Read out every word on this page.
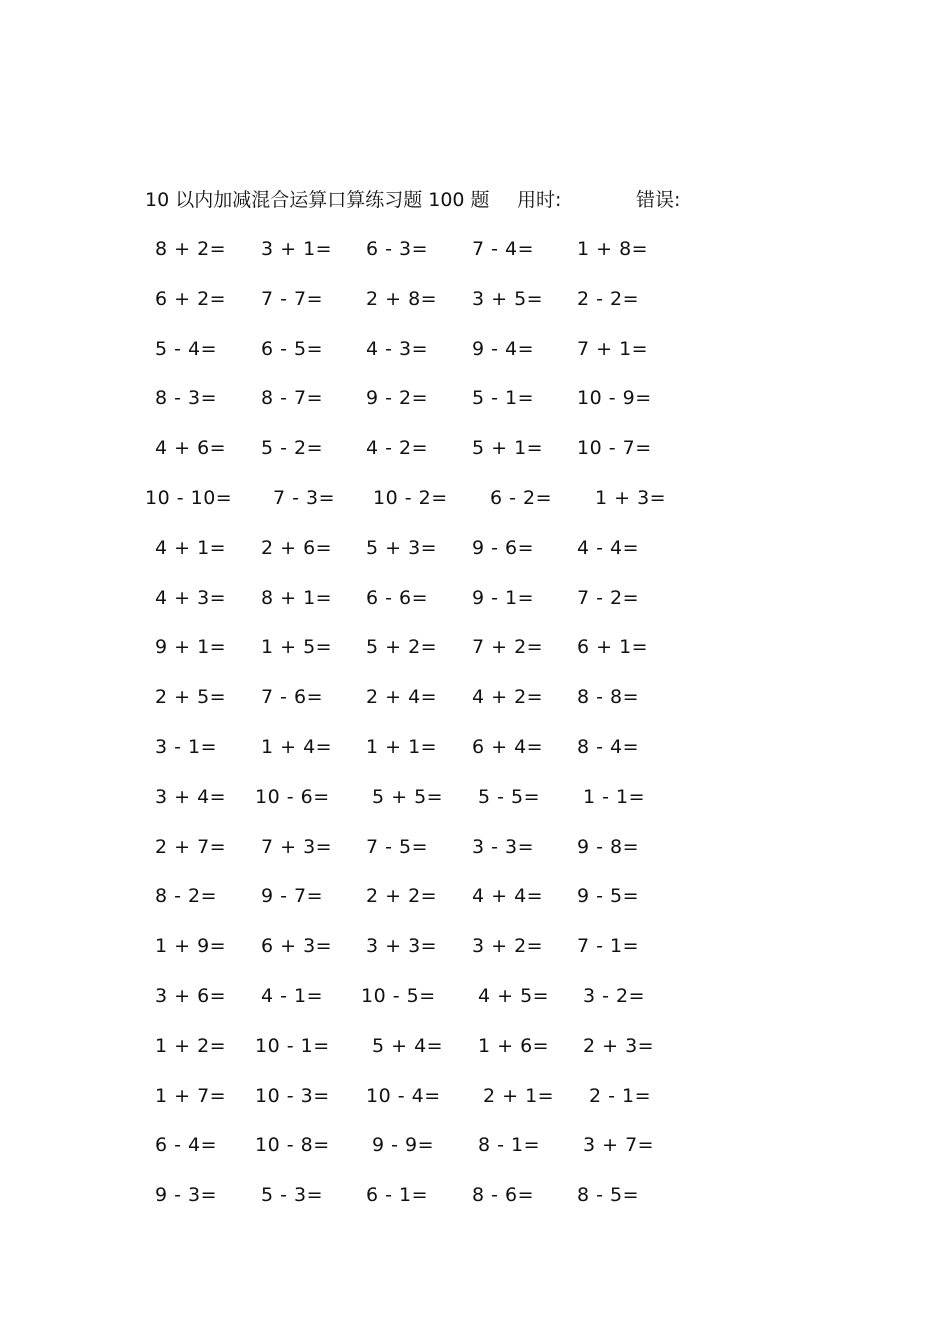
10 以内加减混合运算口算练习题 100 题 用时:	错误:
8 + 2= 3 + 1= 6 - 3= 7 - 4= 1 + 8=
6 + 2= 7 - 7= 2 + 8= 3 + 5= 2 - 2=
5 - 4= 6 - 5= 4 - 3= 9 - 4= 7 + 1=
8 - 3= 8 - 7= 9 - 2= 5 - 1= 10 - 9=
4 + 6= 5 - 2= 4 - 2= 5 + 1= 10 - 7=
10 - 10= 7 - 3= 10 - 2= 6 - 2= 1 + 3=
4 + 1= 2 + 6= 5 + 3= 9 - 6= 4 - 4=
4 + 3= 8 + 1= 6 - 6= 9 - 1= 7 - 2=
9 + 1= 1 + 5= 5 + 2= 7 + 2= 6 + 1=
2 + 5= 7 - 6= 2 + 4= 4 + 2= 8 - 8=
3 - 1= 1 + 4= 1 + 1= 6 + 4= 8 - 4=
3 + 4= 10 - 6= 5 + 5= 5 - 5= 1 - 1=
2 + 7= 7 + 3= 7 - 5= 3 - 3= 9 - 8=
8 - 2= 9 - 7= 2 + 2= 4 + 4= 9 - 5=
1 + 9= 6 + 3= 3 + 3= 3 + 2= 7 - 1=
3 + 6= 4 - 1= 10 - 5= 4 + 5= 3 - 2=
1 + 2= 10 - 1= 5 + 4= 1 + 6= 2 + 3=
1 + 7= 10 - 3= 10 - 4= 2 + 1= 2 - 1=
6 - 4= 10 - 8= 9 - 9= 8 - 1= 3 + 7=
9 - 3= 5 - 3= 6 - 1= 8 - 6= 8 - 5=
